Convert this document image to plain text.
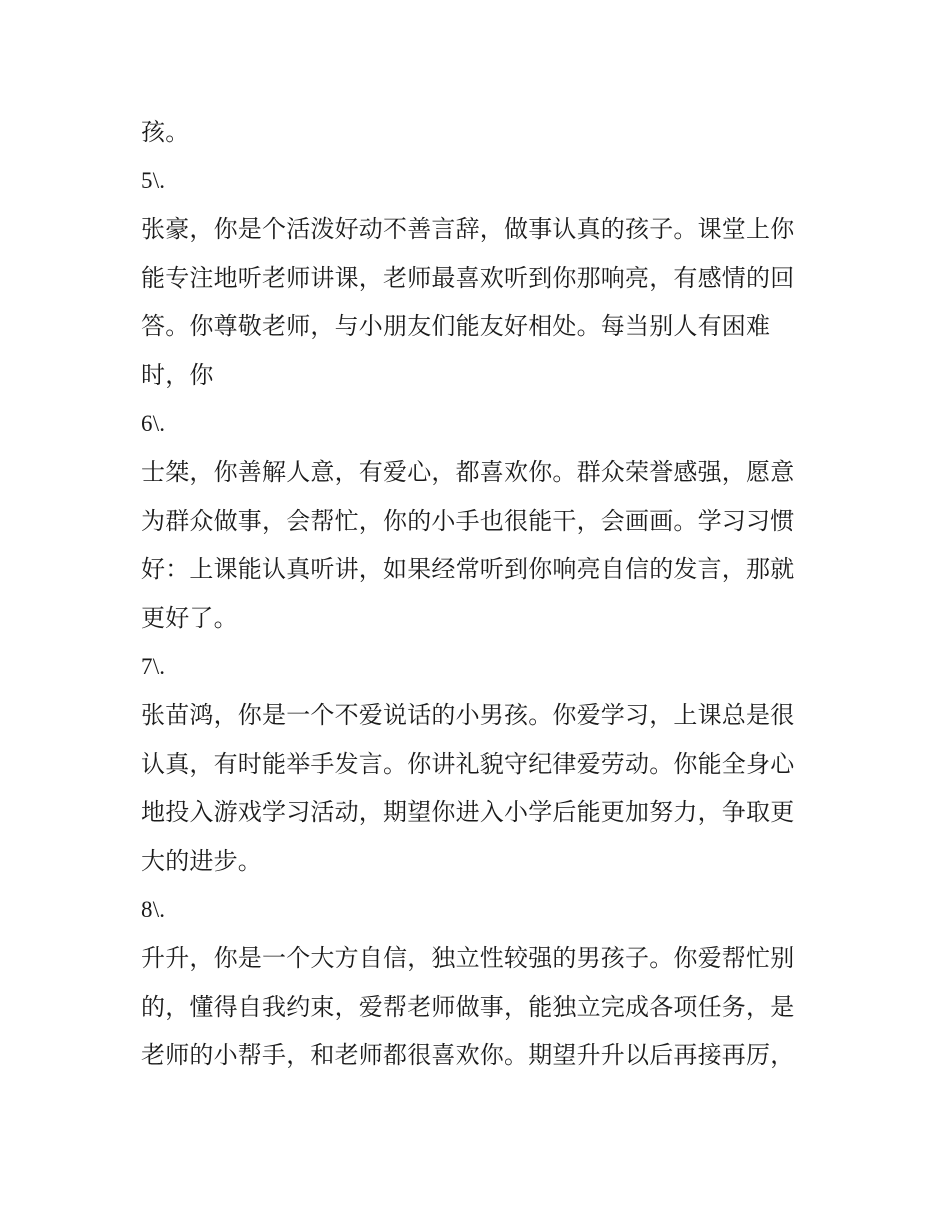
孩。
5\.
张豪，你是个活泼好动不善言辞，做事认真的孩子。课堂上你
能专注地听老师讲课，老师最喜欢听到你那响亮，有感情的回
答。你尊敬老师，与小朋友们能友好相处。每当别人有困难
时，你
6\.
士桀，你善解人意，有爱心，都喜欢你。群众荣誉感强，愿意
为群众做事，会帮忙，你的小手也很能干，会画画。学习习惯
好：上课能认真听讲，如果经常听到你响亮自信的发言，那就
更好了。
7\.
张苗鸿，你是一个不爱说话的小男孩。你爱学习，上课总是很
认真，有时能举手发言。你讲礼貌守纪律爱劳动。你能全身心
地投入游戏学习活动，期望你进入小学后能更加努力，争取更
大的进步。
8\.
升升，你是一个大方自信，独立性较强的男孩子。你爱帮忙别
的，懂得自我约束，爱帮老师做事，能独立完成各项任务，是
老师的小帮手，和老师都很喜欢你。期望升升以后再接再厉，
